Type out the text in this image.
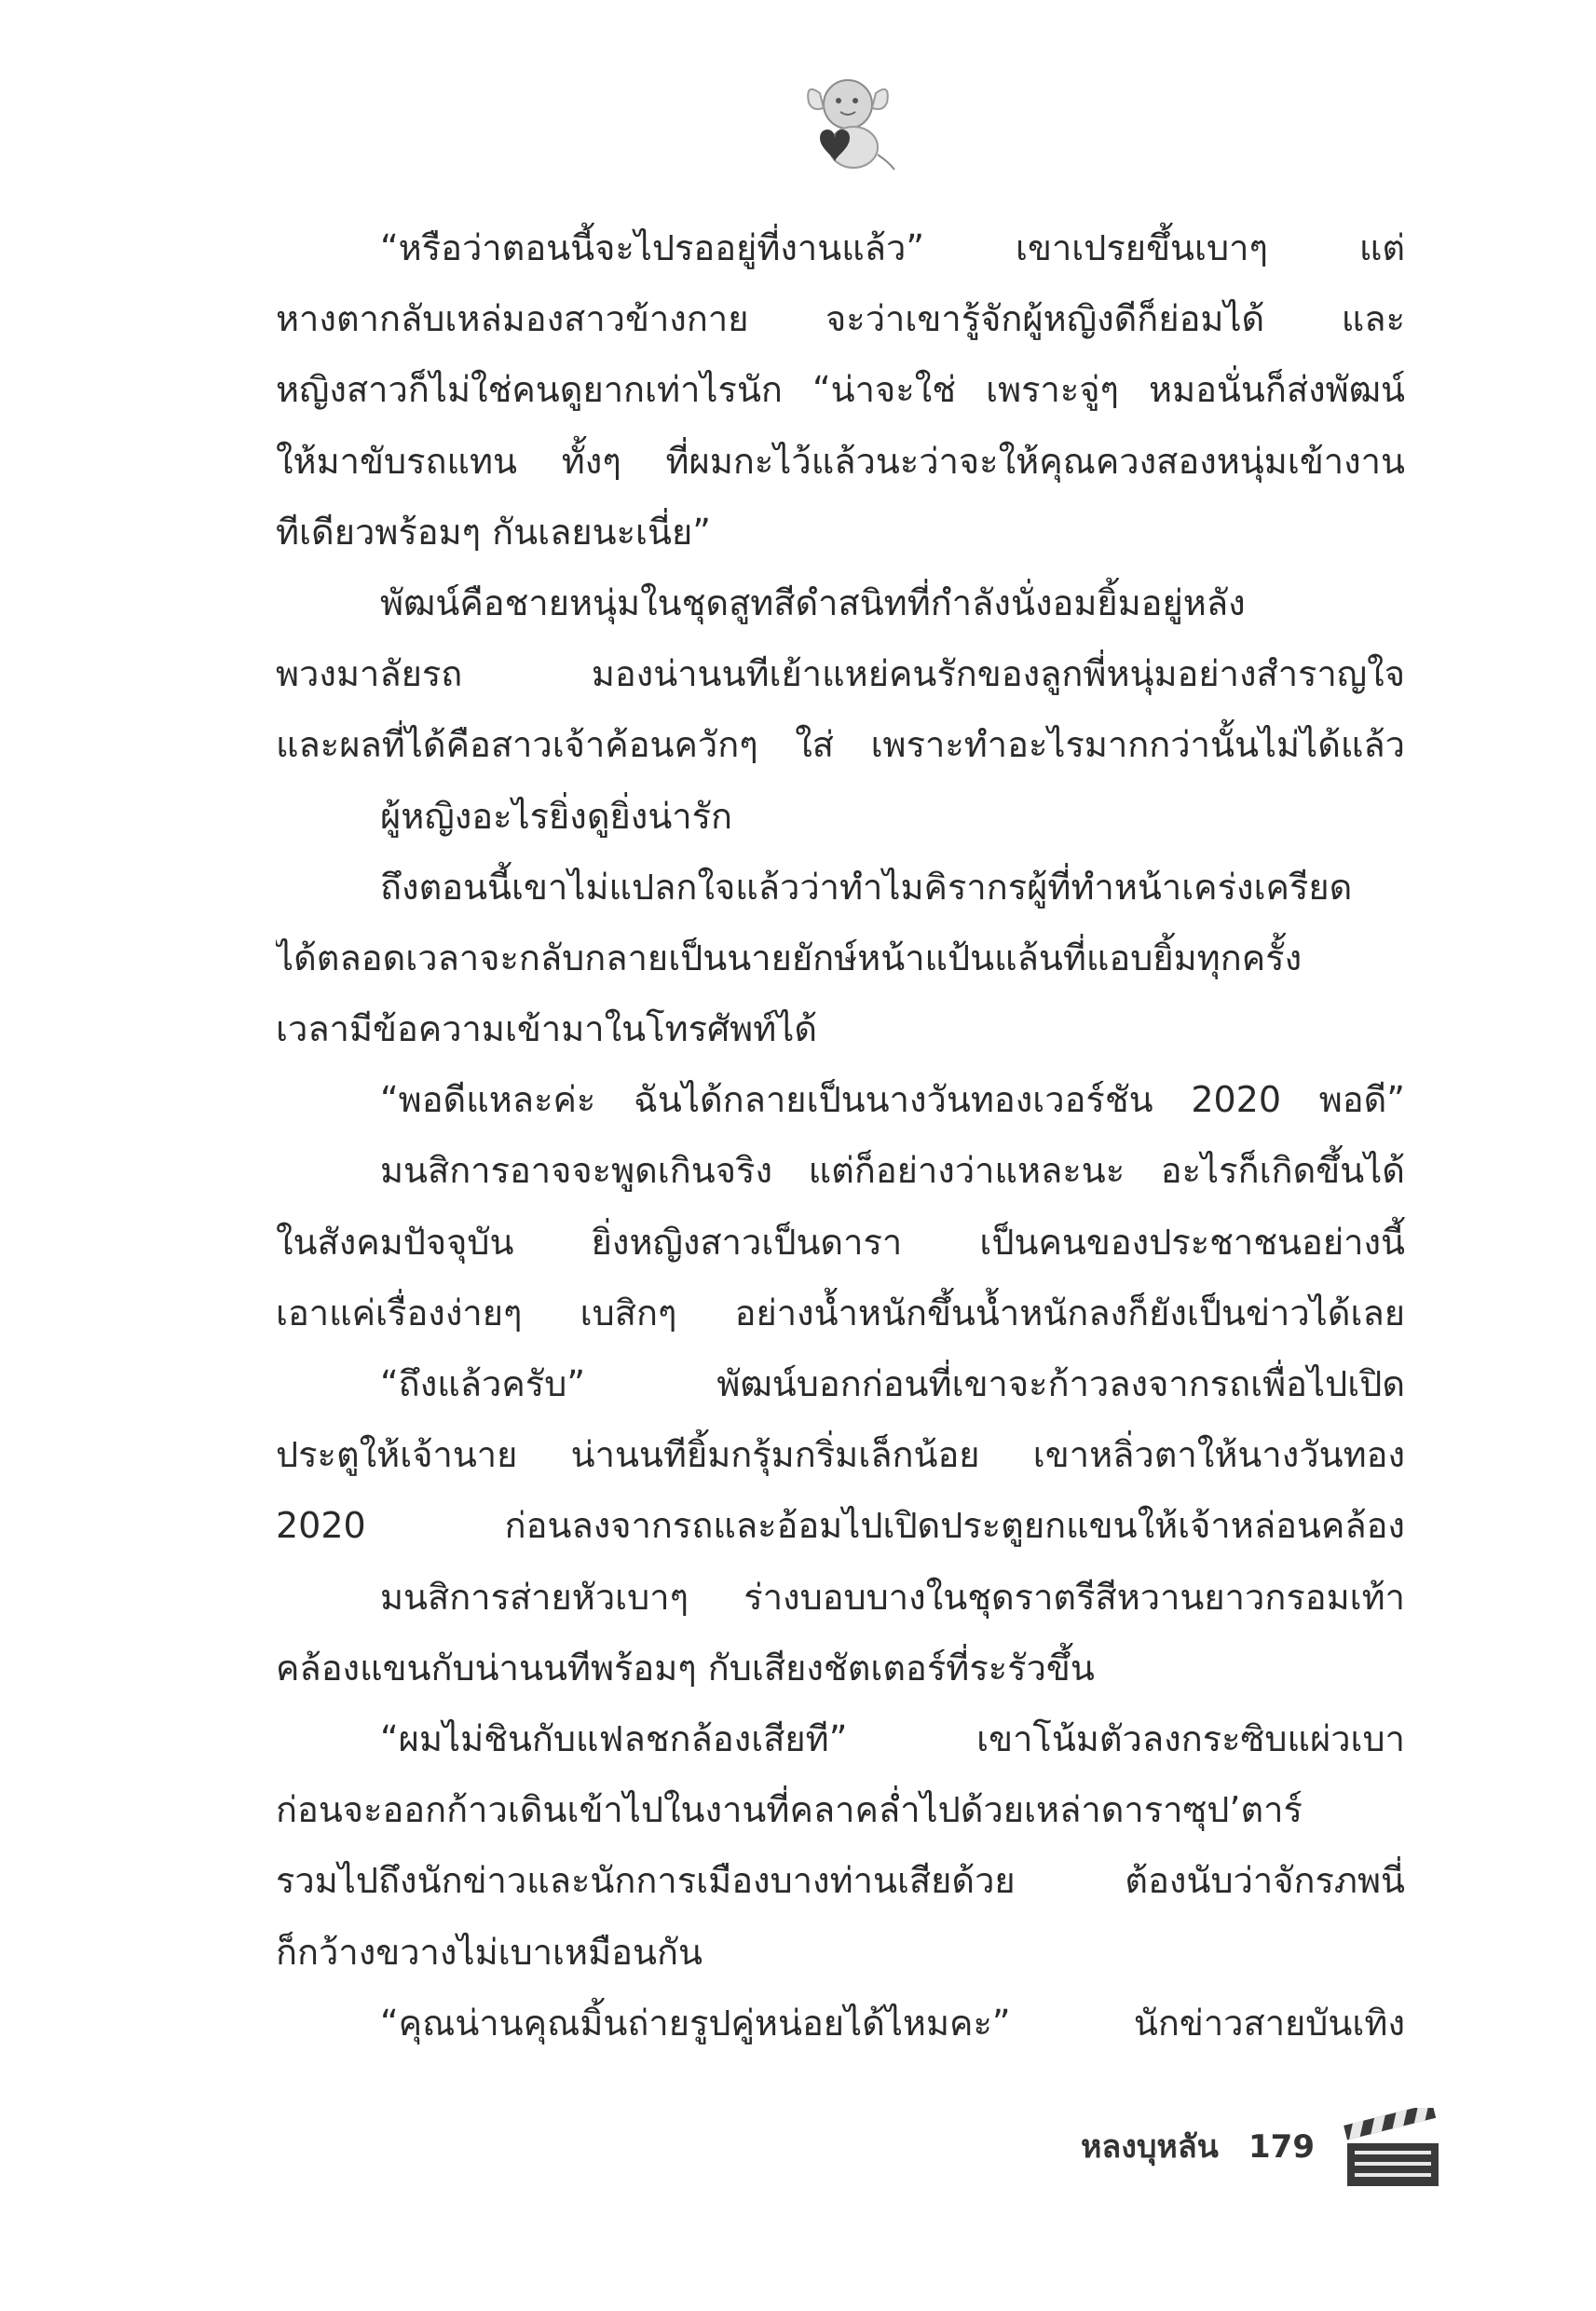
“หรือว่าตอนนี้จะไปรออยู่ที่งานแล้ว” เขาเปรยขึ้นเบาๆ แต่
หางตากลับเหล่มองสาวข้างกาย จะว่าเขารู้จักผู้หญิงดีก็ย่อมได้ และ
หญิงสาวก็ไม่ใช่คนดูยากเท่าไรนัก “น่าจะใช่ เพราะจู่ๆ หมอนั่นก็ส่งพัฒน์
ให้มาขับรถแทน ทั้งๆ ที่ผมกะไว้แล้วนะว่าจะให้คุณควงสองหนุ่มเข้างาน
ทีเดียวพร้อมๆ กันเลยนะเนี่ย”
พัฒน์คือชายหนุ่มในชุดสูทสีดำสนิทที่กำลังนั่งอมยิ้มอยู่หลัง
พวงมาลัยรถ มองน่านนทีเย้าแหย่คนรักของลูกพี่หนุ่มอย่างสำราญใจ
และผลที่ได้คือสาวเจ้าค้อนควักๆ ใส่ เพราะทำอะไรมากกว่านั้นไม่ได้แล้ว
ผู้หญิงอะไรยิ่งดูยิ่งน่ารัก
ถึงตอนนี้เขาไม่แปลกใจแล้วว่าทำไมคิรากรผู้ที่ทำหน้าเคร่งเครียด
ได้ตลอดเวลาจะกลับกลายเป็นนายยักษ์หน้าแป้นแล้นที่แอบยิ้มทุกครั้ง
เวลามีข้อความเข้ามาในโทรศัพท์ได้
“พอดีแหละค่ะ ฉันได้กลายเป็นนางวันทองเวอร์ชัน 2020 พอดี”
มนสิการอาจจะพูดเกินจริง แต่ก็อย่างว่าแหละนะ อะไรก็เกิดขึ้นได้
ในสังคมปัจจุบัน ยิ่งหญิงสาวเป็นดารา เป็นคนของประชาชนอย่างนี้
เอาแค่เรื่องง่ายๆ เบสิกๆ อย่างน้ำหนักขึ้นน้ำหนักลงก็ยังเป็นข่าวได้เลย
“ถึงแล้วครับ” พัฒน์บอกก่อนที่เขาจะก้าวลงจากรถเพื่อไปเปิด
ประตูให้เจ้านาย น่านนทียิ้มกรุ้มกริ่มเล็กน้อย เขาหลิ่วตาให้นางวันทอง
2020 ก่อนลงจากรถและอ้อมไปเปิดประตูยกแขนให้เจ้าหล่อนคล้อง
มนสิการส่ายหัวเบาๆ ร่างบอบบางในชุดราตรีสีหวานยาวกรอมเท้า
คล้องแขนกับน่านนทีพร้อมๆ กับเสียงชัตเตอร์ที่ระรัวขึ้น
“ผมไม่ชินกับแฟลชกล้องเสียที” เขาโน้มตัวลงกระซิบแผ่วเบา
ก่อนจะออกก้าวเดินเข้าไปในงานที่คลาคล่ำไปด้วยเหล่าดาราซุป’ตาร์
รวมไปถึงนักข่าวและนักการเมืองบางท่านเสียด้วย ต้องนับว่าจักรภพนี่
ก็กว้างขวางไม่เบาเหมือนกัน
“คุณน่านคุณมิ้นถ่ายรูปคู่หน่อยได้ไหมคะ” นักข่าวสายบันเทิง
หลงบุหลัน 179
